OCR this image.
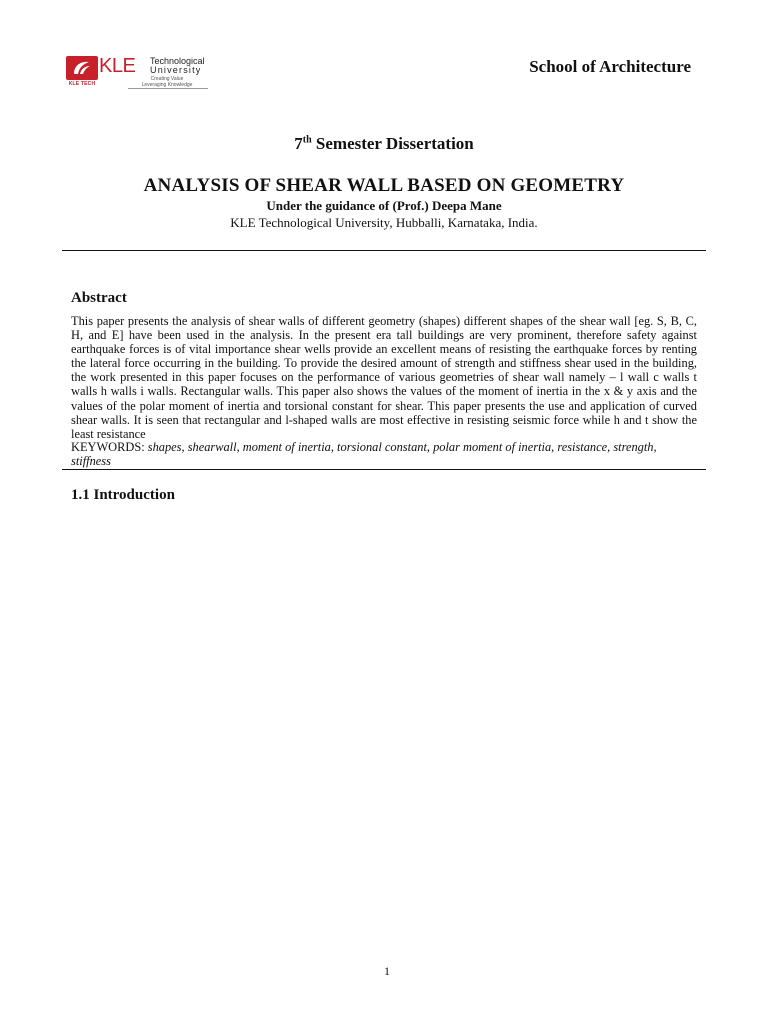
KLE TECH
KLE Technological
University
Creating Value
Leveraging Knowledge
School of Architecture
7th Semester Dissertation
ANALYSIS OF SHEAR WALL BASED ON GEOMETRY
Under the guidance of (Prof.) Deepa Mane
KLE Technological University, Hubballi, Karnataka, India.
Abstract
This paper presents the analysis of shear walls of different geometry (shapes) different shapes of the shear wall [eg. S, B, C, H, and E] have been used in the analysis. In the present era tall buildings are very prominent, therefore safety against earthquake forces is of vital importance shear wells provide an excellent means of resisting the earthquake forces by renting the lateral force occurring in the building. To provide the desired amount of strength and stiffness shear used in the building, the work presented in this paper focuses on the performance of various geometries of shear wall namely – l wall c walls t walls h walls i walls. Rectangular walls. This paper also shows the values of the moment of inertia in the x & y axis and the values of the polar moment of inertia and torsional constant for shear. This paper presents the use and application of curved shear walls. It is seen that rectangular and l-shaped walls are most effective in resisting seismic force while h and t show the least resistance
KEYWORDS: shapes, shearwall, moment of inertia, torsional constant, polar moment of inertia, resistance, strength, stiffness
1.1 Introduction
1
